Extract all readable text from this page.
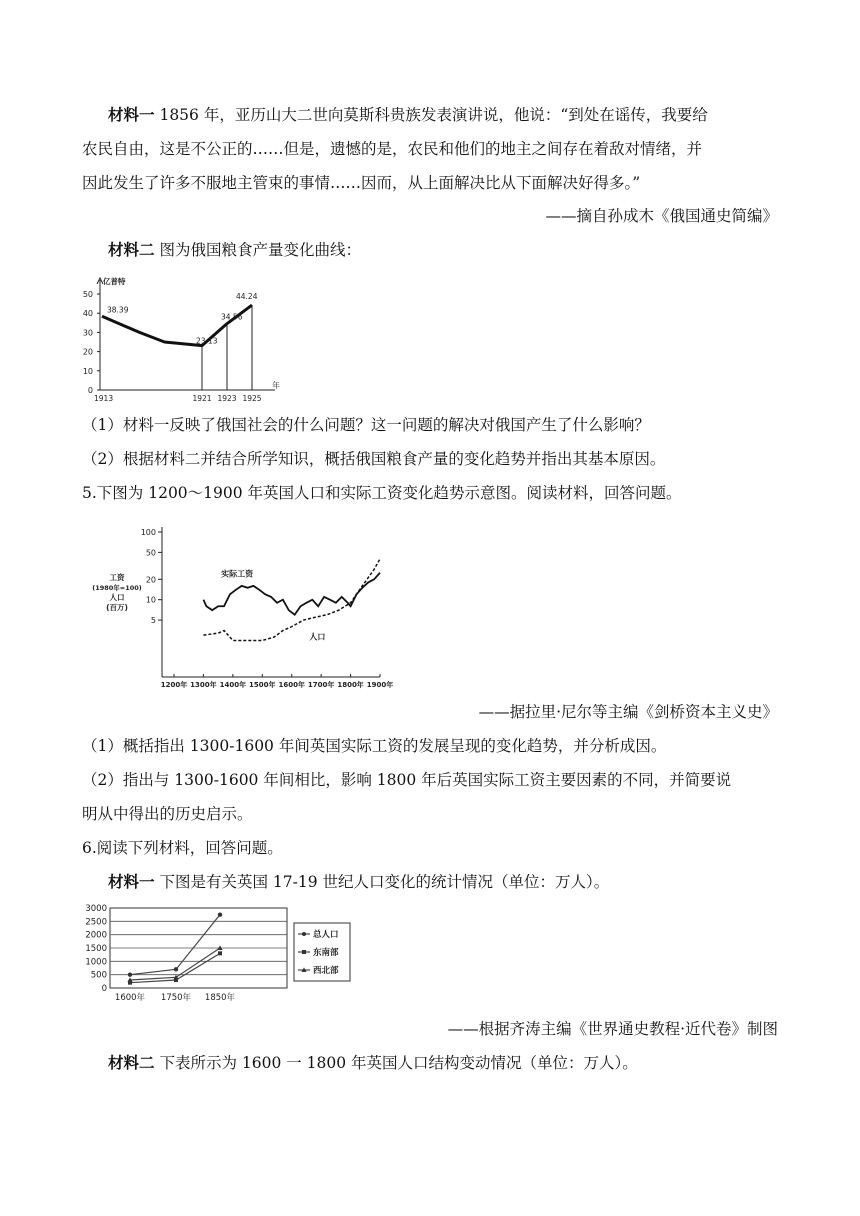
材料一 1856 年，亚历山大二世向莫斯科贵族发表演讲说，他说：“到处在谣传，我要给
农民自由，这是不公正的……但是，遗憾的是，农民和他们的地主之间存在着敌对情绪，并
因此发生了许多不服地主管束的事情……因而，从上面解决比从下面解决好得多。”
——摘自孙成木《俄国通史简编》
材料二 图为俄国粮食产量变化曲线：
0
10
20
30
40
50
亿普特
年
1913	1921 1923 1925
38.39
23.13
34.56
44.24
（1）材料一反映了俄国社会的什么问题？这一问题的解决对俄国产生了什么影响？
（2）根据材料二并结合所学知识，概括俄国粮食产量的变化趋势并指出其基本原因。
5.下图为 1200～1900 年英国人口和实际工资变化趋势示意图。阅读材料，回答问题。
100
50
20
10
5
工资
(1980年=100)
人口
(百万)
1200年 1300年 1400年 1500年 1600年 1700年 1800年 1900年
实际工资
人口
——据拉里·尼尔等主编《剑桥资本主义史》
（1）概括指出 1300-1600 年间英国实际工资的发展呈现的变化趋势，并分析成因。
（2）指出与 1300-1600 年间相比，影响 1800 年后英国实际工资主要因素的不同，并简要说
明从中得出的历史启示。
6.阅读下列材料，回答问题。
材料一 下图是有关英国 17-19 世纪人口变化的统计情况（单位：万人）。
0
500
1000
1500
2000
2500
3000
1600年 1750年 1850年
总人口
东南部
西北部
——根据齐涛主编《世界通史教程·近代卷》制图
材料二 下表所示为 1600 一 1800 年英国人口结构变动情况（单位：万人）。
